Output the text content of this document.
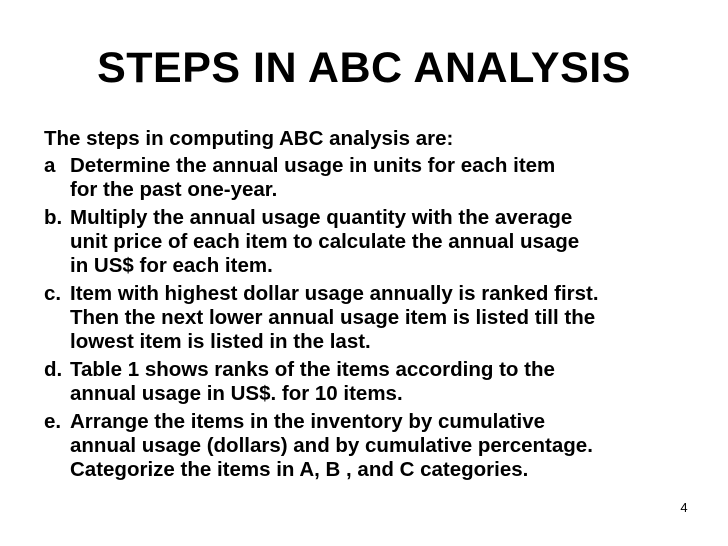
STEPS IN ABC ANALYSIS
The steps in computing ABC analysis are:
a Determine the annual usage in units for each item
for the past one-year.
b. Multiply the annual usage quantity with the average
unit price of each item to calculate the annual usage
in US$ for each item.
c. Item with highest dollar usage annually is ranked first.
Then the next lower annual usage item is listed till the
lowest item is listed in the last.
d. Table 1 shows ranks of the items according to the
annual usage in US$. for 10 items.
e. Arrange the items in the inventory by cumulative
annual usage (dollars) and by cumulative percentage.
Categorize the items in A, B , and C categories.
4
